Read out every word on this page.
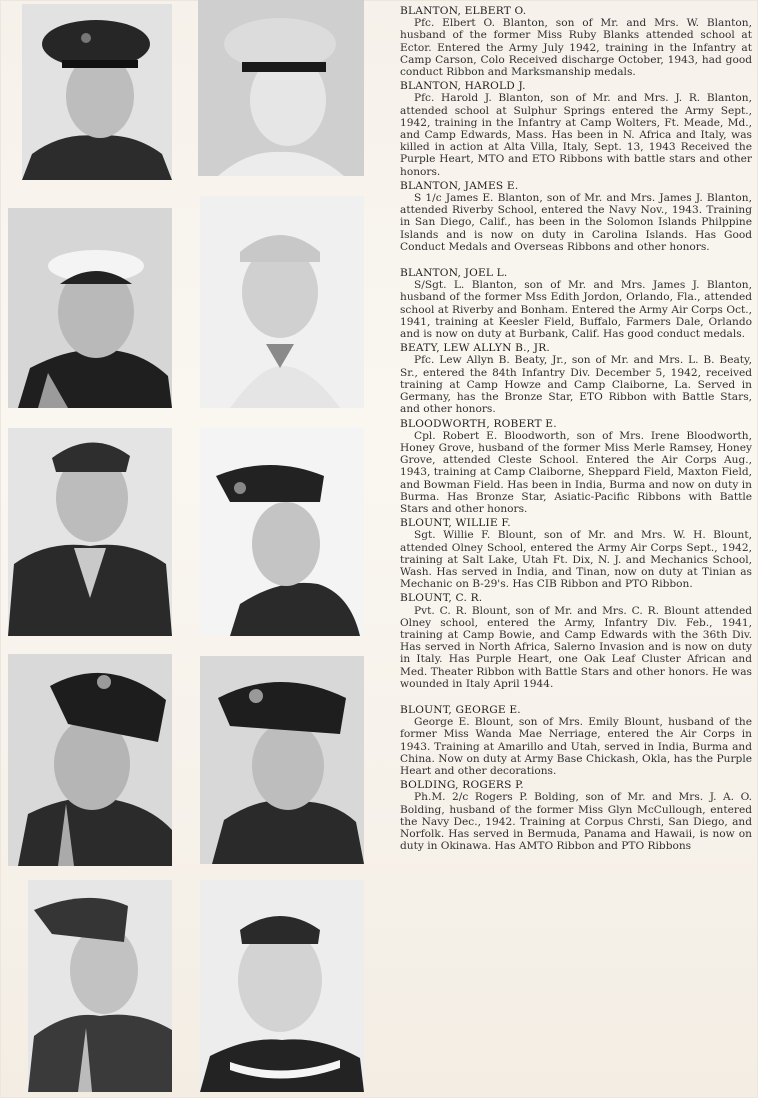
BLANTON, ELBERT O.
Pfc. Elbert O. Blanton, son of Mr. and Mrs. W. Blanton, husband of the former Miss Ruby Blanks attended school at Ector. Entered the Army July 1942, training in the Infantry at Camp Carson, Colo Received discharge October, 1943, had good conduct Ribbon and Marksmanship medals.
BLANTON, HAROLD J.
Pfc. Harold J. Blanton, son of Mr. and Mrs. J. R. Blanton, attended school at Sulphur Springs entered the Army Sept., 1942, training in the Infantry at Camp Wolters, Ft. Meade, Md., and Camp Edwards, Mass. Has been in N. Africa and Italy, was killed in action at Alta Villa, Italy, Sept. 13, 1943 Received the Purple Heart, MTO and ETO Ribbons with battle stars and other honors.
BLANTON, JAMES E.
S 1/c James E. Blanton, son of Mr. and Mrs. James J. Blanton, attended Riverby School, entered the Navy Nov., 1943. Training in San Diego, Calif., has been in the Solomon Islands Philppine Islands and is now on duty in Carolina Islands. Has Good Conduct Medals and Overseas Ribbons and other honors.
BLANTON, JOEL L.
S/Sgt. L. Blanton, son of Mr. and Mrs. James J. Blanton, husband of the former Mss Edith Jordon, Orlando, Fla., attended school at Riverby and Bonham. Entered the Army Air Corps Oct., 1941, training at Keesler Field, Buffalo, Farmers Dale, Orlando and is now on duty at Burbank, Calif. Has good conduct medals.
BEATY, LEW ALLYN B., JR.
Pfc. Lew Allyn B. Beaty, Jr., son of Mr. and Mrs. L. B. Beaty, Sr., entered the 84th Infantry Div. December 5, 1942, received training at Camp Howze and Camp Claiborne, La. Served in Germany, has the Bronze Star, ETO Ribbon with Battle Stars, and other honors.
BLOODWORTH, ROBERT E.
Cpl. Robert E. Bloodworth, son of Mrs. Irene Bloodworth, Honey Grove, husband of the former Miss Merle Ramsey, Honey Grove, attended Cleste School. Entered the Air Corps Aug., 1943, training at Camp Claiborne, Sheppard Field, Maxton Field, and Bowman Field. Has been in India, Burma and now on duty in Burma. Has Bronze Star, Asiatic-Pacific Ribbons with Battle Stars and other honors.
BLOUNT, WILLIE F.
Sgt. Willie F. Blount, son of Mr. and Mrs. W. H. Blount, attended Olney School, entered the Army Air Corps Sept., 1942, training at Salt Lake, Utah Ft. Dix, N. J. and Mechanics School, Wash. Has served in India, and Tinan, now on duty at Tinian as Mechanic on B-29's. Has CIB Ribbon and PTO Ribbon.
BLOUNT, C. R.
Pvt. C. R. Blount, son of Mr. and Mrs. C. R. Blount attended Olney school, entered the Army, Infantry Div. Feb., 1941, training at Camp Bowie, and Camp Edwards with the 36th Div. Has served in North Africa, Salerno Invasion and is now on duty in Italy. Has Purple Heart, one Oak Leaf Cluster African and Med. Theater Ribbon with Battle Stars and other honors. He was wounded in Italy April 1944.
BLOUNT, GEORGE E.
George E. Blount, son of Mrs. Emily Blount, husband of the former Miss Wanda Mae Nerriage, entered the Air Corps in 1943. Training at Amarillo and Utah, served in India, Burma and China. Now on duty at Army Base Chickash, Okla, has the Purple Heart and other decorations.
BOLDING, ROGERS P.
Ph.M. 2/c Rogers P. Bolding, son of Mr. and Mrs. J. A. O. Bolding, husband of the former Miss Glyn McCullough, entered the Navy Dec., 1942. Training at Corpus Chrsti, San Diego, and Norfolk. Has served in Bermuda, Panama and Hawaii, is now on duty in Okinawa. Has AMTO Ribbon and PTO Ribbons
